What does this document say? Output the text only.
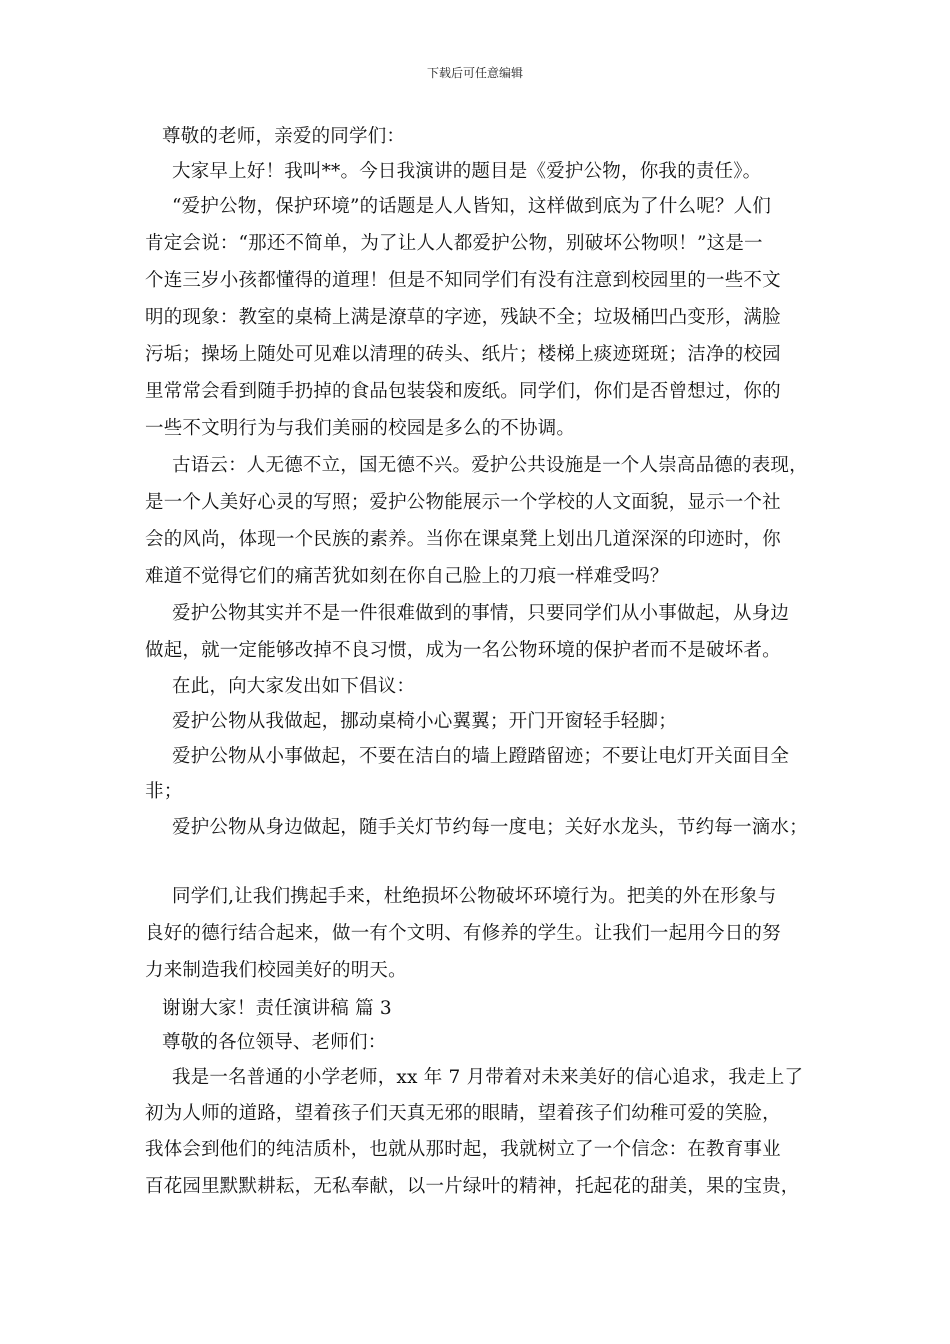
下载后可任意编辑
尊敬的老师，亲爱的同学们：
大家早上好！我叫**。今日我演讲的题目是《爱护公物，你我的责任》。
“爱护公物，保护环境”的话题是人人皆知，这样做到底为了什么呢？人们
肯定会说：“那还不简单，为了让人人都爱护公物，别破坏公物呗！”这是一
个连三岁小孩都懂得的道理！但是不知同学们有没有注意到校园里的一些不文
明的现象：教室的桌椅上满是潦草的字迹，残缺不全；垃圾桶凹凸变形，满脸
污垢；操场上随处可见难以清理的砖头、纸片；楼梯上痰迹斑斑；洁净的校园
里常常会看到随手扔掉的食品包装袋和废纸。同学们，你们是否曾想过，你的
一些不文明行为与我们美丽的校园是多么的不协调。
古语云：人无德不立，国无德不兴。爱护公共设施是一个人崇高品德的表现，
是一个人美好心灵的写照；爱护公物能展示一个学校的人文面貌，显示一个社
会的风尚，体现一个民族的素养。当你在课桌凳上划出几道深深的印迹时，你
难道不觉得它们的痛苦犹如刻在你自己脸上的刀痕一样难受吗？
爱护公物其实并不是一件很难做到的事情，只要同学们从小事做起，从身边
做起，就一定能够改掉不良习惯，成为一名公物环境的保护者而不是破坏者。
在此，向大家发出如下倡议：
爱护公物从我做起，挪动桌椅小心翼翼；开门开窗轻手轻脚；
爱护公物从小事做起，不要在洁白的墙上蹬踏留迹；不要让电灯开关面目全
非；
爱护公物从身边做起，随手关灯节约每一度电；关好水龙头，节约每一滴水；
同学们,让我们携起手来，杜绝损坏公物破坏环境行为。把美的外在形象与
良好的德行结合起来，做一有个文明、有修养的学生。让我们一起用今日的努
力来制造我们校园美好的明天。
谢谢大家！责任演讲稿 篇 3
尊敬的各位领导、老师们：
我是一名普通的小学老师，xx 年 7 月带着对未来美好的信心追求，我走上了
初为人师的道路，望着孩子们天真无邪的眼睛，望着孩子们幼稚可爱的笑脸，
我体会到他们的纯洁质朴，也就从那时起，我就树立了一个信念：在教育事业
百花园里默默耕耘，无私奉献，以一片绿叶的精神，托起花的甜美，果的宝贵，
